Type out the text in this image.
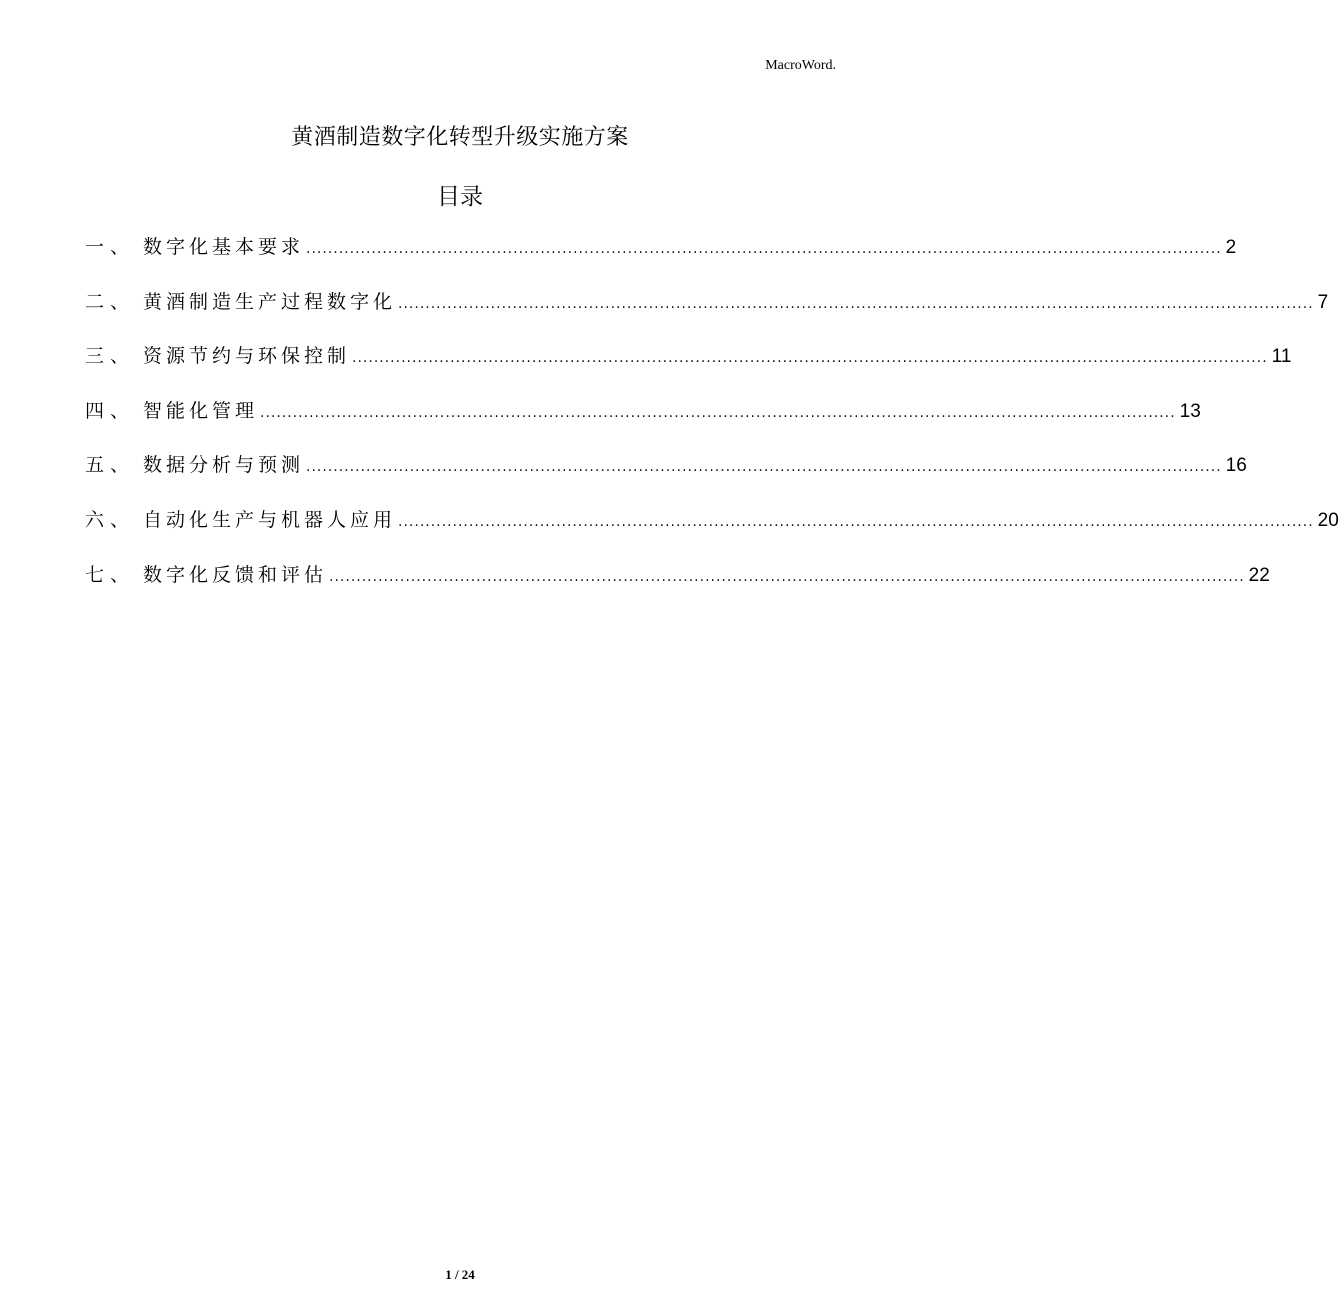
MacroWord.
黄酒制造数字化转型升级实施方案
目录
一、 数字化基本要求 ........................................................................................................................................................................ 2
二、 黄酒制造生产过程数字化 ........................................................................................................................................................................ 7
三、 资源节约与环保控制 ........................................................................................................................................................................ 11
四、 智能化管理 ........................................................................................................................................................................ 13
五、 数据分析与预测 ........................................................................................................................................................................ 16
六、 自动化生产与机器人应用 ........................................................................................................................................................................ 20
七、 数字化反馈和评估 ........................................................................................................................................................................ 22
1 / 24
